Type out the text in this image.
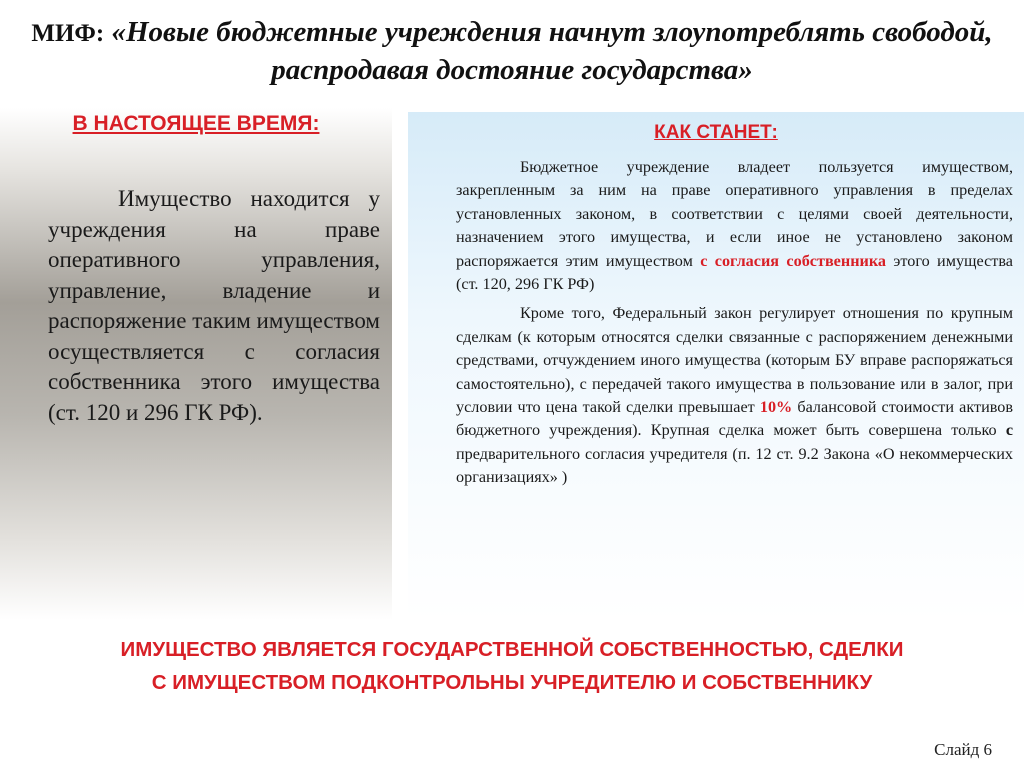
МИФ: «Новые бюджетные учреждения начнут злоупотреблять свободой, распродавая достояние государства»
В НАСТОЯЩЕЕ ВРЕМЯ:
Имущество находится у учреждения на праве оперативного управления, управление, владение и распоряжение таким имуществом осуществляется с согласия собственника этого имущества (ст. 120 и 296 ГК РФ).
КАК СТАНЕТ:

Бюджетное учреждение владеет пользуется имуществом, закрепленным за ним на праве оперативного управления в пределах установленных законом, в соответствии с целями своей деятельности, назначением этого имущества, и если иное не установлено законом распоряжается этим имуществом с согласия собственника этого имущества (ст. 120, 296 ГК РФ)

Кроме того, Федеральный закон регулирует отношения по крупным сделкам (к которым относятся сделки связанные с распоряжением денежными средствами, отчуждением иного имущества (которым БУ вправе распоряжаться самостоятельно), с передачей такого имущества в пользование или в залог, при условии что цена такой сделки превышает 10% балансовой стоимости активов бюджетного учреждения). Крупная сделка может быть совершена только с предварительного согласия учредителя (п. 12 ст. 9.2 Закона «О некоммерческих организациях» )

ИМУЩЕСТВО ЯВЛЯЕТСЯ ГОСУДАРСТВЕННОЙ СОБСТВЕННОСТЬЮ, СДЕЛКИ
С ИМУЩЕСТВОМ ПОДКОНТРОЛЬНЫ УЧРЕДИТЕЛЮ И СОБСТВЕННИКУ
Слайд 6
